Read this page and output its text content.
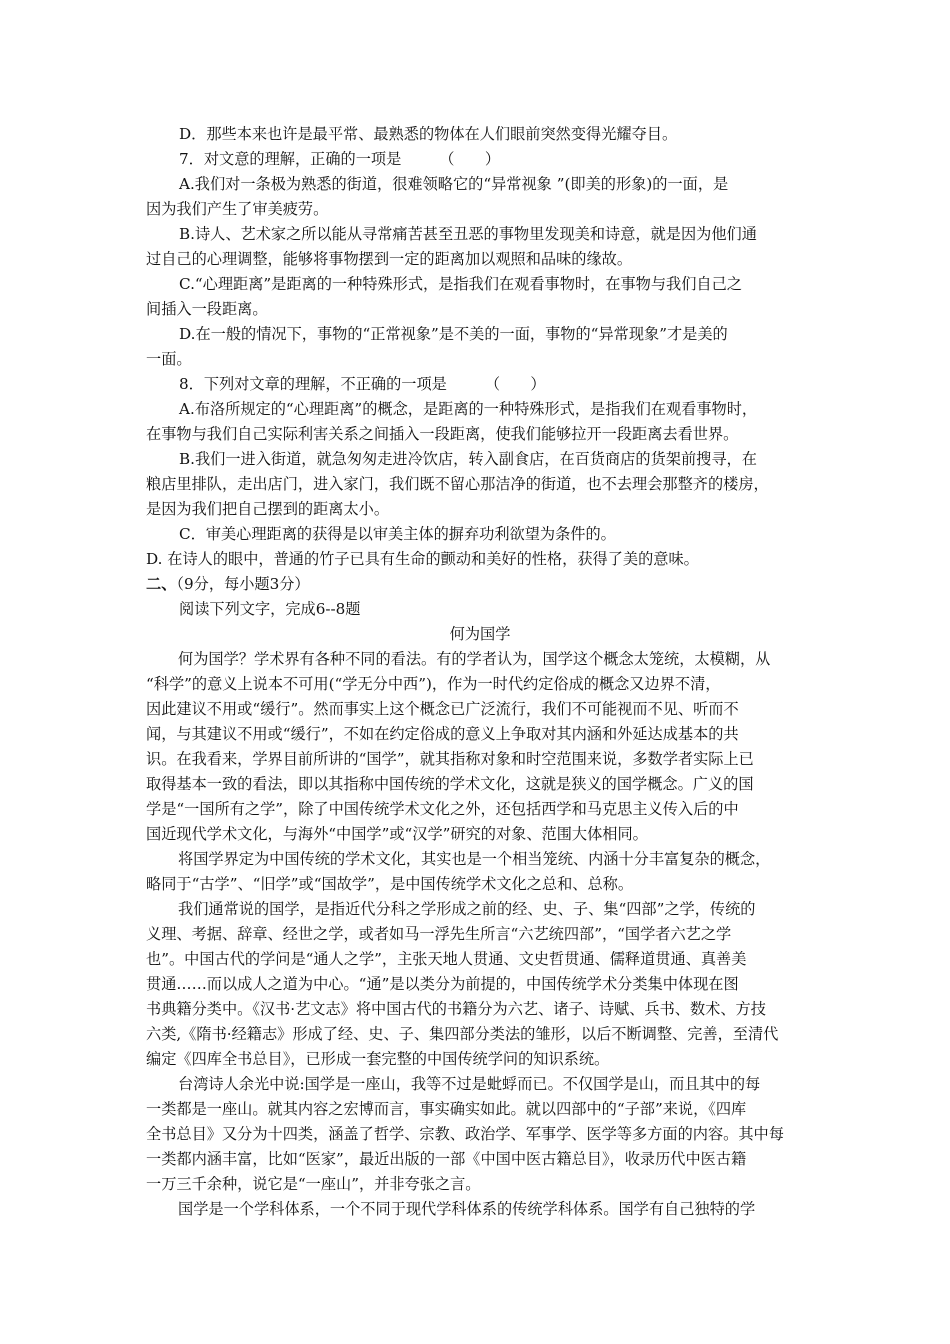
D．那些本来也许是最平常、最熟悉的物体在人们眼前突然变得光耀夺目。
7．对文意的理解，正确的一项是　　　（　　）
A.我们对一条极为熟悉的街道，很难领略它的“异常视象 ”(即美的形象)的一面，是
因为我们产生了审美疲劳。
B.诗人、艺术家之所以能从寻常痛苦甚至丑恶的事物里发现美和诗意，就是因为他们通
过自己的心理调整，能够将事物摆到一定的距离加以观照和品味的缘故。
C.“心理距离”是距离的一种特殊形式，是指我们在观看事物时，在事物与我们自己之
间插入一段距离。
D.在一般的情况下，事物的“正常视象”是不美的一面，事物的“异常现象”才是美的
一面。
8．下列对文章的理解，不正确的一项是　　　（　　）
A.布洛所规定的“心理距离”的概念，是距离的一种特殊形式，是指我们在观看事物时，
在事物与我们自己实际利害关系之间插入一段距离，使我们能够拉开一段距离去看世界。
B.我们一进入街道，就急匆匆走进冷饮店，转入副食店，在百货商店的货架前搜寻，在
粮店里排队，走出店门，进入家门，我们既不留心那洁净的街道，也不去理会那整齐的楼房，
是因为我们把自己摆到的距离太小。
C．审美心理距离的获得是以审美主体的摒弃功利欲望为条件的。
D. 在诗人的眼中，普通的竹子已具有生命的颤动和美好的性格，获得了美的意味。
二、（9分，每小题3分）
阅读下列文字，完成6--8题
何为国学
何为国学？学术界有各种不同的看法。有的学者认为，国学这个概念太笼统，太模糊，从
“科学”的意义上说本不可用(“学无分中西”)，作为一时代约定俗成的概念又边界不清，
因此建议不用或“缓行”。然而事实上这个概念已广泛流行，我们不可能视而不见、听而不
闻，与其建议不用或“缓行”，不如在约定俗成的意义上争取对其内涵和外延达成基本的共
识。在我看来，学界目前所讲的“国学”，就其指称对象和时空范围来说，多数学者实际上已
取得基本一致的看法，即以其指称中国传统的学术文化，这就是狭义的国学概念。广义的国
学是“一国所有之学”，除了中国传统学术文化之外，还包括西学和马克思主义传入后的中
国近现代学术文化，与海外“中国学”或“汉学”研究的对象、范围大体相同。
将国学界定为中国传统的学术文化，其实也是一个相当笼统、内涵十分丰富复杂的概念，
略同于“古学”、“旧学”或“国故学”，是中国传统学术文化之总和、总称。
我们通常说的国学，是指近代分科之学形成之前的经、史、子、集“四部”之学，传统的
义理、考据、辞章、经世之学，或者如马一浮先生所言“六艺统四部”，“国学者六艺之学
也”。中国古代的学问是“通人之学”，主张天地人贯通、文史哲贯通、儒释道贯通、真善美
贯通……而以成人之道为中心。“通”是以类分为前提的，中国传统学术分类集中体现在图
书典籍分类中。《汉书·艺文志》将中国古代的书籍分为六艺、诸子、诗赋、兵书、数术、方技
六类,《隋书·经籍志》形成了经、史、子、集四部分类法的雏形，以后不断调整、完善，至清代
编定《四库全书总目》，已形成一套完整的中国传统学问的知识系统。
台湾诗人余光中说:国学是一座山，我等不过是蚍蜉而已。不仅国学是山，而且其中的每
一类都是一座山。就其内容之宏博而言，事实确实如此。就以四部中的“子部”来说，《四库
全书总目》又分为十四类，涵盖了哲学、宗教、政治学、军事学、医学等多方面的内容。其中每
一类都内涵丰富，比如“医家”，最近出版的一部《中国中医古籍总目》，收录历代中医古籍
一万三千余种，说它是“一座山”，并非夸张之言。
国学是一个学科体系，一个不同于现代学科体系的传统学科体系。国学有自己独特的学
